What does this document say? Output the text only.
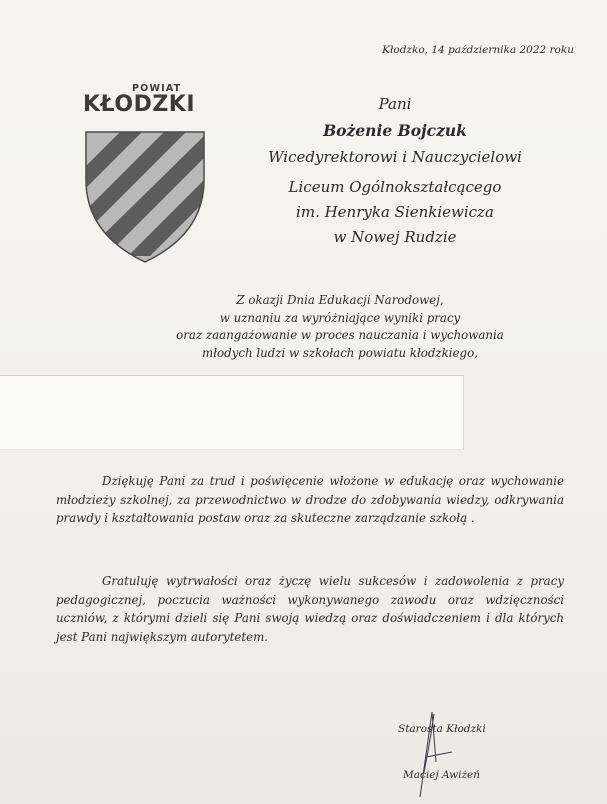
Kłodzko, 14 października 2022 roku
POWIAT
KŁODZKI	Pani
Bożenie Bojczuk
Wicedyrektorowi i Nauczycielowi
Liceum Ogólnokształcącego
im. Henryka Sienkiewicza
w Nowej Rudzie
Z okazji Dnia Edukacji Narodowej,
w uznaniu za wyróżniające wyniki pracy
oraz zaangażowanie w proces nauczania i wychowania
młodych ludzi w szkołach powiatu kłodzkiego,
Dziękuję Pani za trud i poświęcenie włożone w edukację oraz wychowanie młodzieży szkolnej, za przewodnictwo w drodze do zdobywania wiedzy, odkrywania prawdy i kształtowania postaw oraz za skuteczne zarządzanie szkołą .
Gratuluję wytrwałości oraz życzę wielu sukcesów i zadowolenia z pracy pedagogicznej, poczucia ważności wykonywanego zawodu oraz wdzięczności uczniów, z którymi dzieli się Pani swoją wiedzą oraz doświadczeniem i dla których jest Pani największym autorytetem.
Starosta Kłodzki
Maciej Awiżeń
